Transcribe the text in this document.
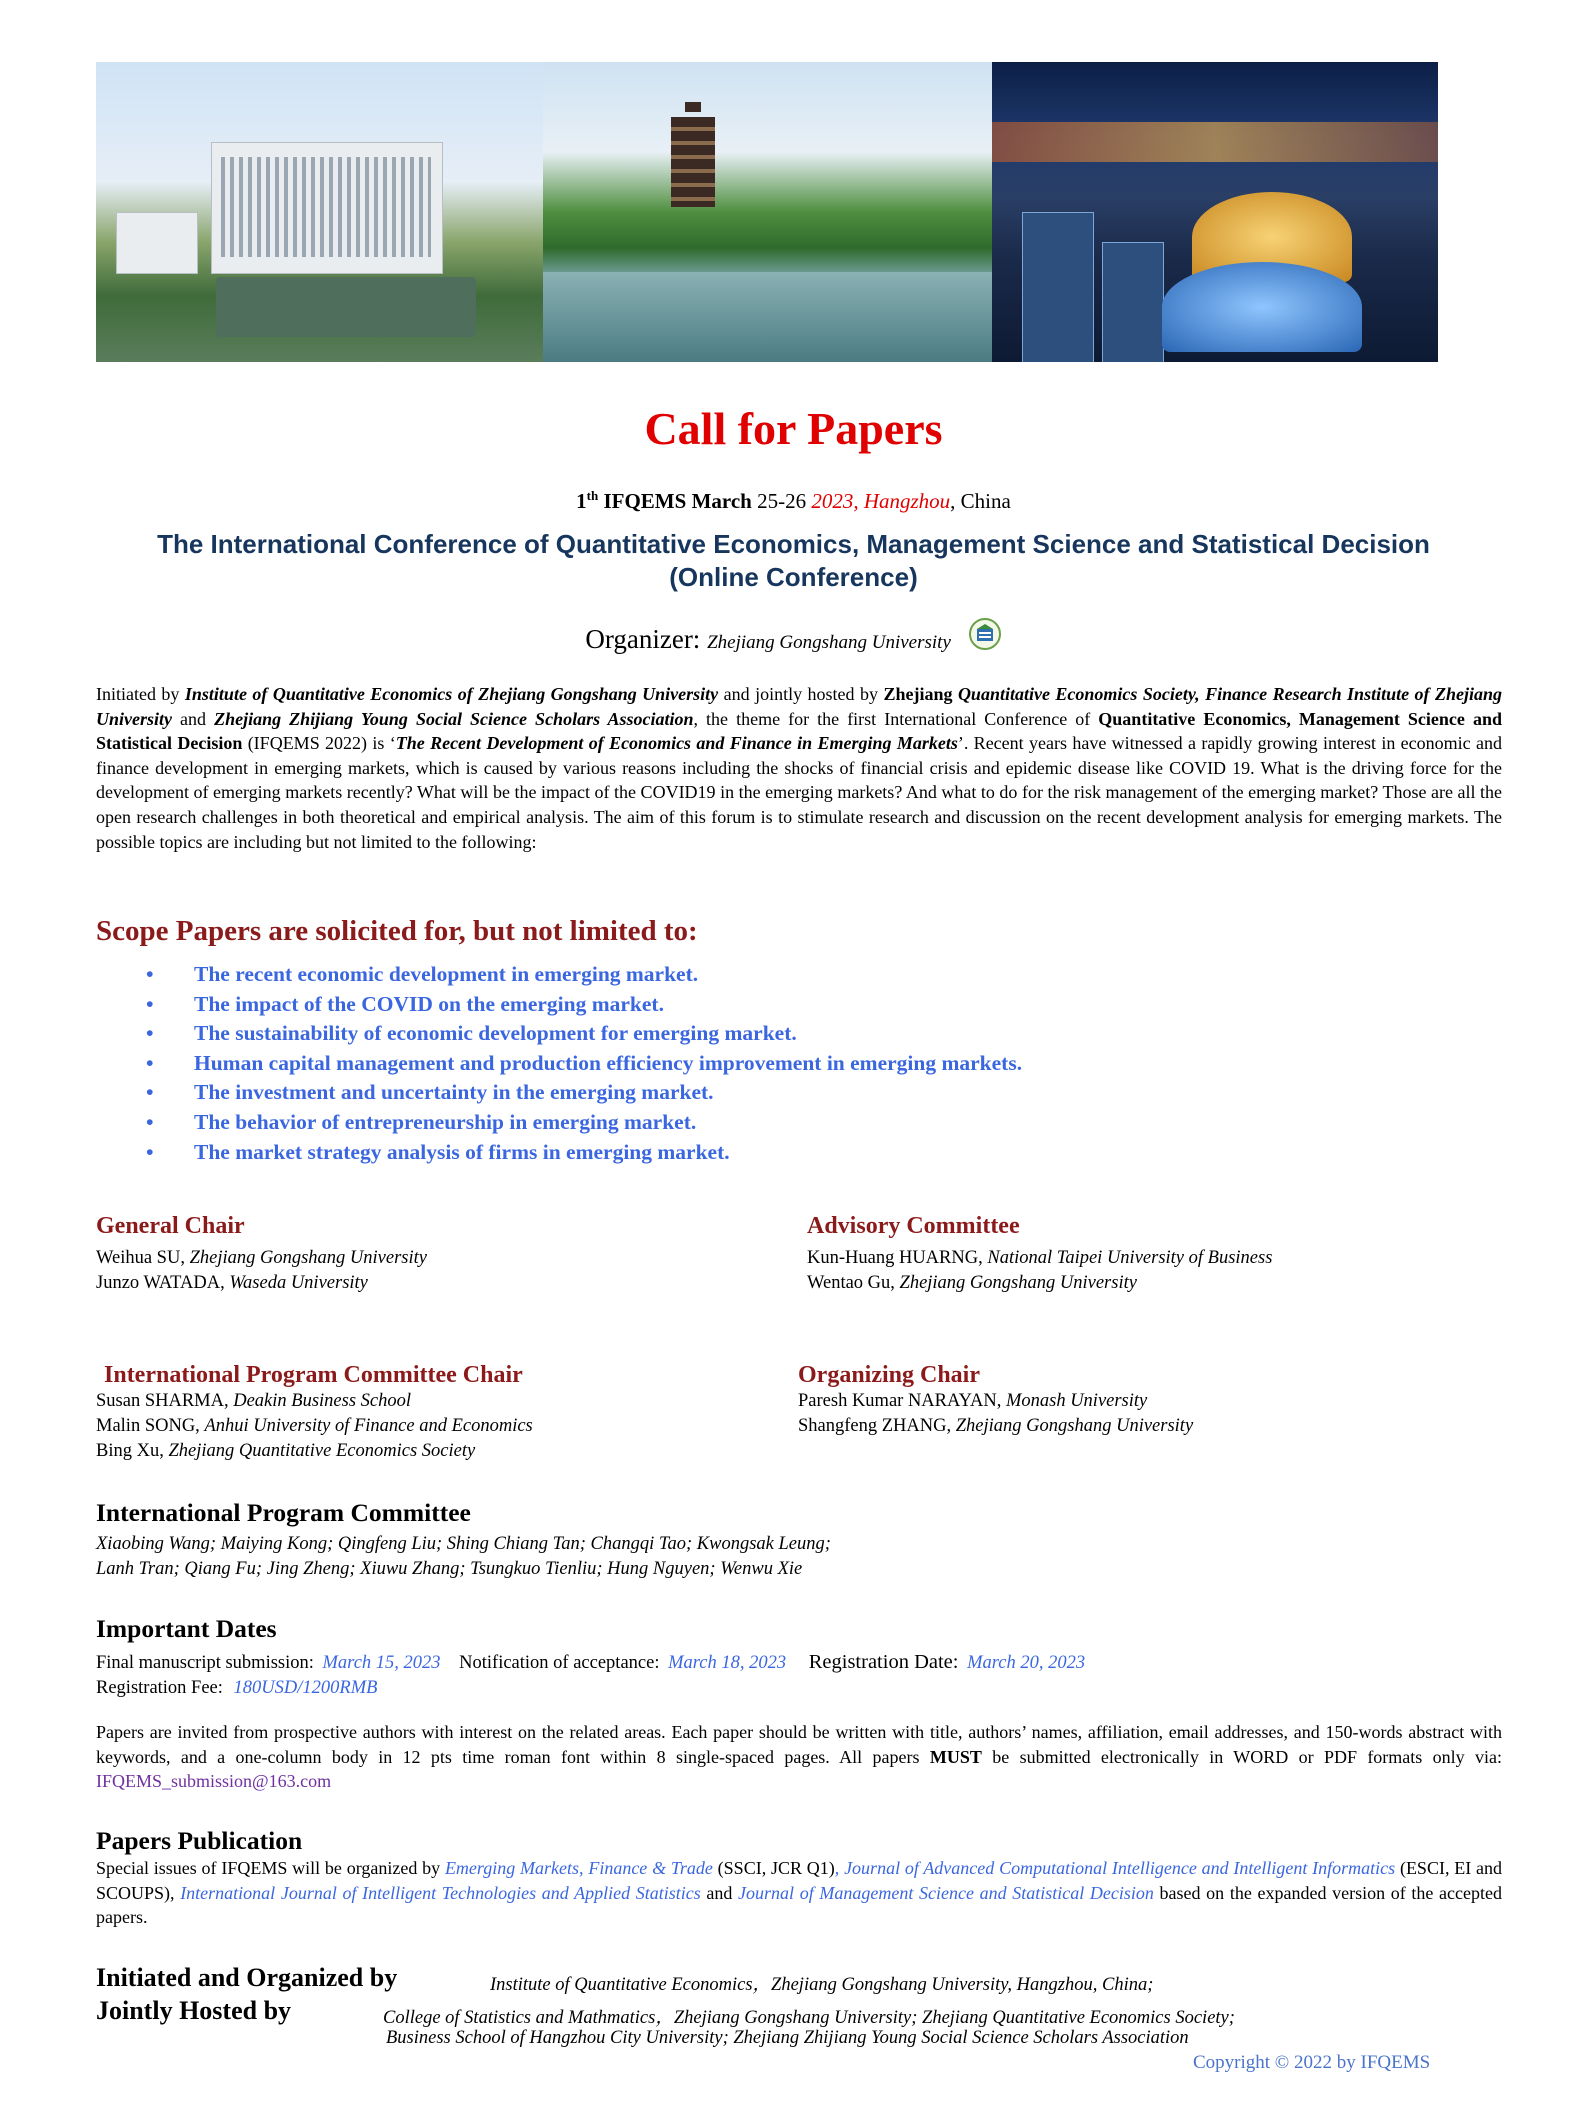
Call for Papers
1th IFQEMS March 25-26 2023, Hangzhou, China
The International Conference of Quantitative Economics, Management Science and Statistical Decision
(Online Conference)
Organizer: Zhejiang Gongshang University
Initiated by Institute of Quantitative Economics of Zhejiang Gongshang University and jointly hosted by Zhejiang Quantitative Economics Society, Finance Research Institute of Zhejiang University and Zhejiang Zhijiang Young Social Science Scholars Association, the theme for the first International Conference of Quantitative Economics, Management Science and Statistical Decision (IFQEMS 2022) is ‘The Recent Development of Economics and Finance in Emerging Markets’. Recent years have witnessed a rapidly growing interest in economic and finance development in emerging markets, which is caused by various reasons including the shocks of financial crisis and epidemic disease like COVID 19. What is the driving force for the development of emerging markets recently? What will be the impact of the COVID19 in the emerging markets? And what to do for the risk management of the emerging market? Those are all the open research challenges in both theoretical and empirical analysis. The aim of this forum is to stimulate research and discussion on the recent development analysis for emerging markets. The possible topics are including but not limited to the following:
Scope Papers are solicited for, but not limited to:
• The recent economic development in emerging market.
• The impact of the COVID on the emerging market.
• The sustainability of economic development for emerging market.
• Human capital management and production efficiency improvement in emerging markets.
• The investment and uncertainty in the emerging market.
• The behavior of entrepreneurship in emerging market.
• The market strategy analysis of firms in emerging market.
General Chair
Weihua SU, Zhejiang Gongshang University
Junzo WATADA, Waseda University
Advisory Committee
Kun-Huang HUARNG, National Taipei University of Business
Wentao Gu, Zhejiang Gongshang University
International Program Committee Chair
Susan SHARMA, Deakin Business School
Malin SONG, Anhui University of Finance and Economics
Bing Xu, Zhejiang Quantitative Economics Society
Organizing Chair
Paresh Kumar NARAYAN, Monash University
Shangfeng ZHANG, Zhejiang Gongshang University
International Program Committee
Xiaobing Wang; Maiying Kong; Qingfeng Liu; Shing Chiang Tan; Changqi Tao; Kwongsak Leung;
Lanh Tran; Qiang Fu; Jing Zheng; Xiuwu Zhang; Tsungkuo Tienliu; Hung Nguyen; Wenwu Xie
Important Dates
Final manuscript submission: March 15, 2023 Notification of acceptance: March 18, 2023 Registration Date: March 20, 2023
Registration Fee: 180USD/1200RMB
Papers are invited from prospective authors with interest on the related areas. Each paper should be written with title, authors’ names, affiliation, email addresses, and 150-words abstract with keywords, and a one-column body in 12 pts time roman font within 8 single-spaced pages. All papers MUST be submitted electronically in WORD or PDF formats only via: IFQEMS_submission@163.com
Papers Publication
Special issues of IFQEMS will be organized by Emerging Markets, Finance & Trade (SSCI, JCR Q1), Journal of Advanced Computational Intelligence and Intelligent Informatics (ESCI, EI and SCOUPS), International Journal of Intelligent Technologies and Applied Statistics and Journal of Management Science and Statistical Decision based on the expanded version of the accepted papers.
Initiated and Organized by	Institute of Quantitative Economics，Zhejiang Gongshang University, Hangzhou, China;
Jointly Hosted by	College of Statistics and Mathmatics，Zhejiang Gongshang University; Zhejiang Quantitative Economics Society;
Business School of Hangzhou City University; Zhejiang Zhijiang Young Social Science Scholars Association
Copyright © 2022 by IFQEMS
